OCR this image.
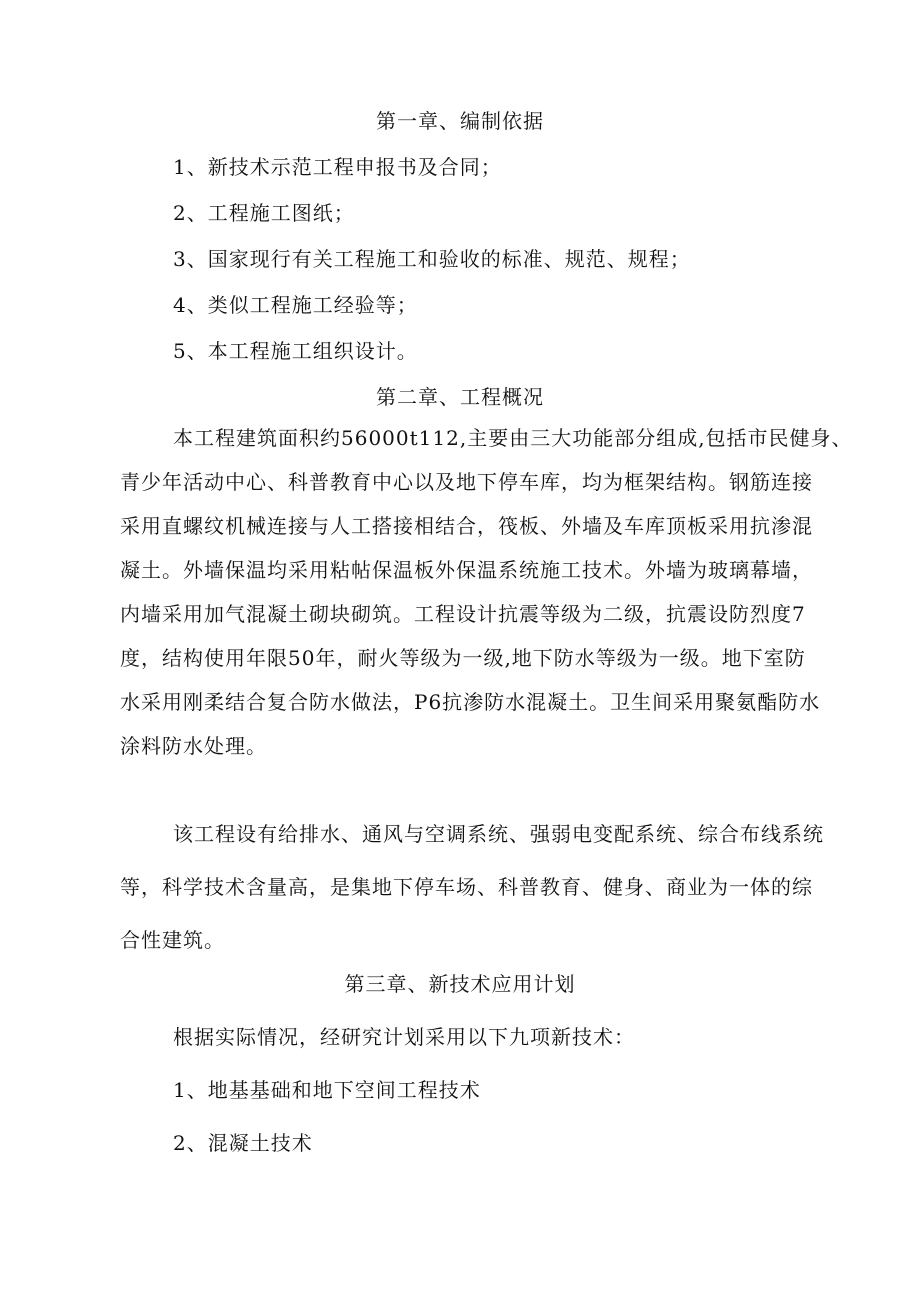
第一章、编制依据
1、新技术示范工程申报书及合同；
2、工程施工图纸；
3、国家现行有关工程施工和验收的标准、规范、规程；
4、类似工程施工经验等；
5、本工程施工组织设计。
第二章、工程概况
本工程建筑面积约56000t112,主要由三大功能部分组成,包括市民健身、
青少年活动中心、科普教育中心以及地下停车库，均为框架结构。钢筋连接
采用直螺纹机械连接与人工搭接相结合，筏板、外墙及车库顶板采用抗渗混
凝土。外墙保温均采用粘帖保温板外保温系统施工技术。外墙为玻璃幕墙，
内墙采用加气混凝土砌块砌筑。工程设计抗震等级为二级，抗震设防烈度7
度，结构使用年限50年，耐火等级为一级,地下防水等级为一级。地下室防
水采用刚柔结合复合防水做法，P6抗渗防水混凝土。卫生间采用聚氨酯防水
涂料防水处理。
该工程设有给排水、通风与空调系统、强弱电变配系统、综合布线系统
等，科学技术含量高，是集地下停车场、科普教育、健身、商业为一体的综
合性建筑。
第三章、新技术应用计划
根据实际情况，经研究计划采用以下九项新技术：
1、地基基础和地下空间工程技术
2、混凝土技术
